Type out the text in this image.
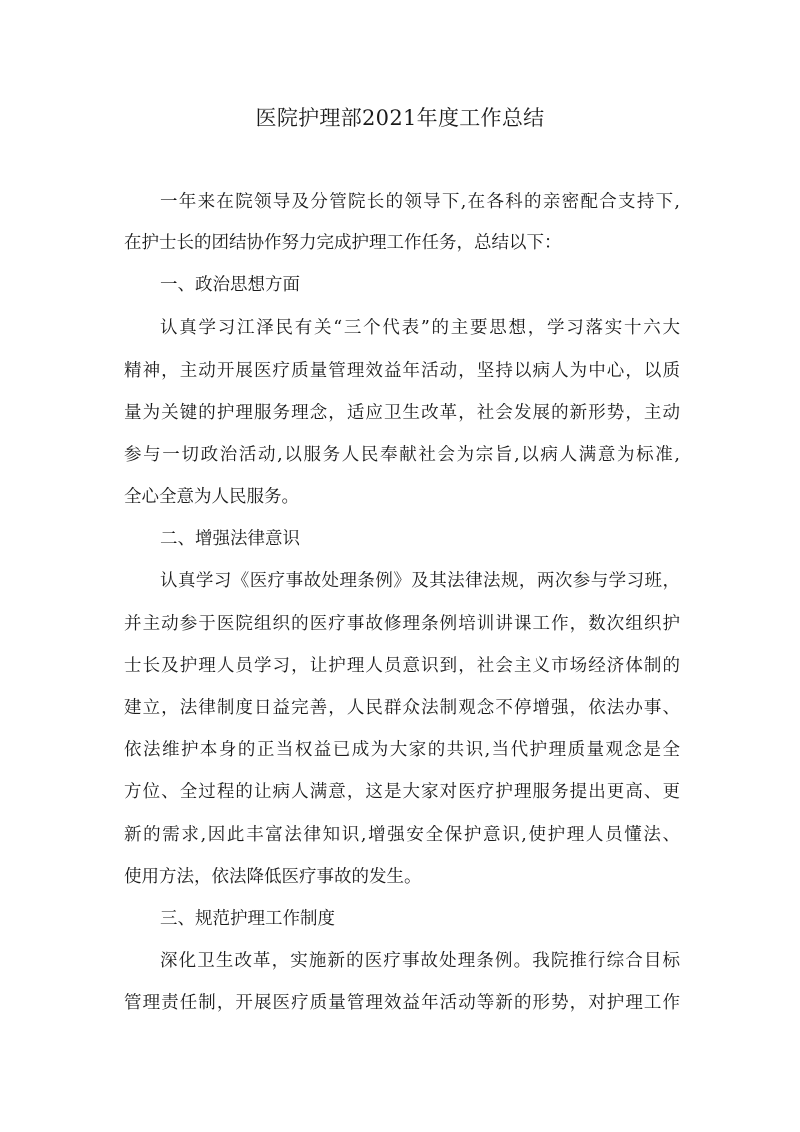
医院护理部2021年度工作总结
一年来在院领导及分管院长的领导下,在各科的亲密配合支持下,
在护士长的团结协作努力完成护理工作任务，总结以下：
一、政治思想方面
认真学习江泽民有关“三个代表”的主要思想，学习落实十六大
精神，主动开展医疗质量管理效益年活动，坚持以病人为中心，以质
量为关键的护理服务理念，适应卫生改革，社会发展的新形势，主动
参与一切政治活动,以服务人民奉献社会为宗旨,以病人满意为标准,
全心全意为人民服务。
二、增强法律意识
认真学习《医疗事故处理条例》及其法律法规，两次参与学习班，
并主动参于医院组织的医疗事故修理条例培训讲课工作，数次组织护
士长及护理人员学习，让护理人员意识到，社会主义市场经济体制的
建立，法律制度日益完善，人民群众法制观念不停增强，依法办事、
依法维护本身的正当权益已成为大家的共识,当代护理质量观念是全
方位、全过程的让病人满意，这是大家对医疗护理服务提出更高、更
新的需求,因此丰富法律知识,增强安全保护意识,使护理人员懂法、
使用方法，依法降低医疗事故的发生。
三、规范护理工作制度
深化卫生改革，实施新的医疗事故处理条例。我院推行综合目标
管理责任制，开展医疗质量管理效益年活动等新的形势，对护理工作
